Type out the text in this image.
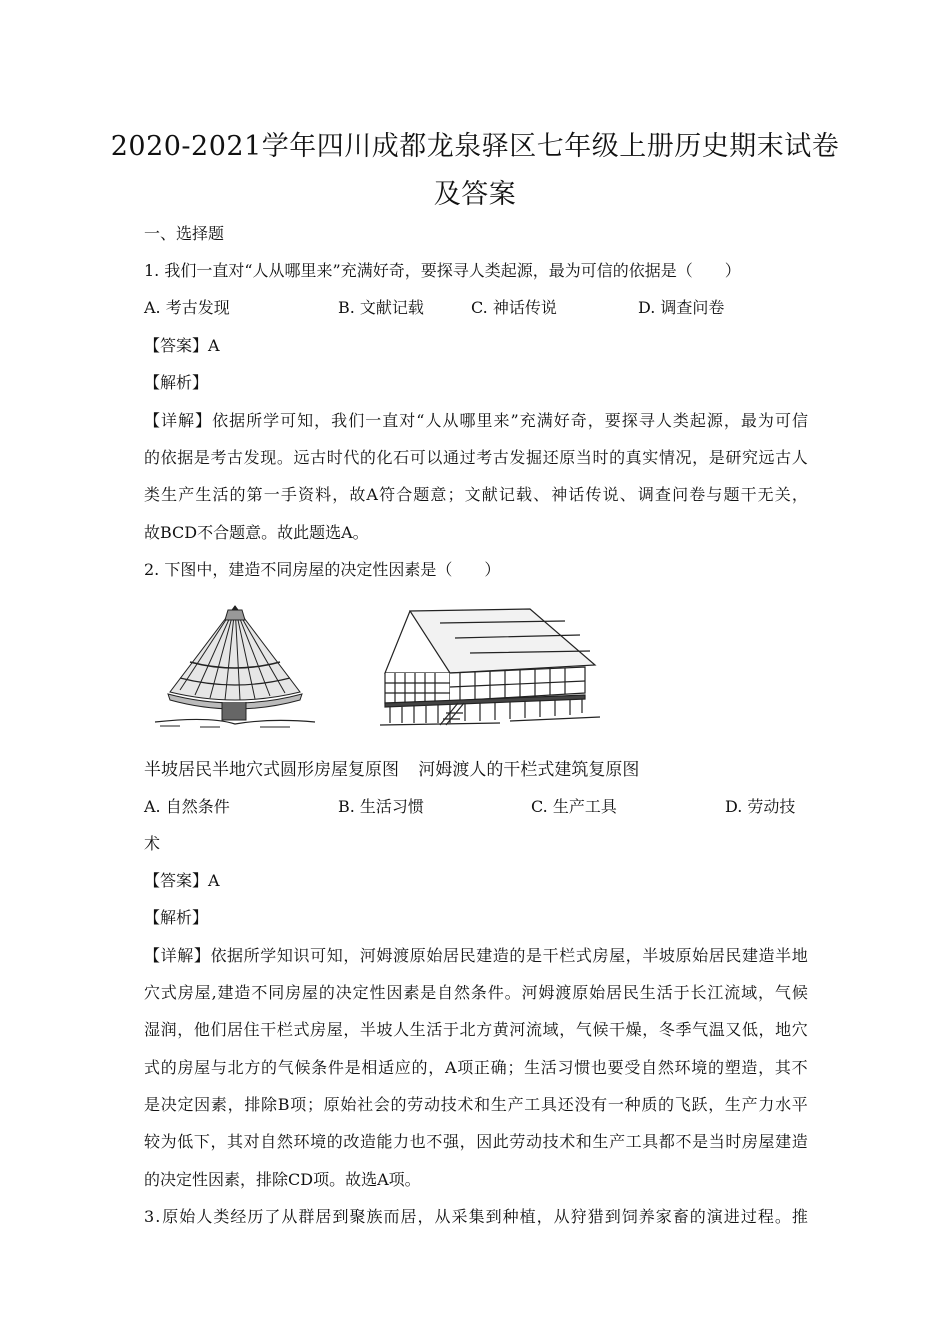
2020-2021学年四川成都龙泉驿区七年级上册历史期末试卷
及答案
一、选择题
1. 我们一直对“人从哪里来”充满好奇，要探寻人类起源，最为可信的依据是（　　）
A. 考古发现	B. 文献记载	C. 神话传说	D. 调查问卷
【答案】A
【解析】
【 详 解 】 依 据 所 学 可 知 ， 我 们 一 直 对 “ 人 从 哪 里 来 ” 充 满 好 奇 ， 要 探 寻 人 类 起 源 ， 最 为 可 信
的 依 据 是 考 古 发 现 。 远 古 时 代 的 化 石 可 以 通 过 考 古 发 掘 还 原 当 时 的 真 实 情 况 ， 是 研 究 远 古 人
类 生 产 生 活 的 第 一 手 资 料 ， 故 A 符 合 题 意 ； 文 献 记 载 、 神 话 传 说 、 调 查 问 卷 与 题 干 无 关 ，
故BCD不合题意。故此题选A。
2. 下图中，建造不同房屋的决定性因素是（　　）
半坡居民半地穴式圆形房屋复原图 河姆渡人的干栏式建筑复原图
A. 自然条件	B. 生活习惯	C. 生产工具	D. 劳动技
术
【答案】A
【解析】
【 详 解 】 依 据 所 学 知 识 可 知 ， 河 姆 渡 原 始 居 民 建 造 的 是 干 栏 式 房 屋 ， 半 坡 原 始 居 民 建 造 半 地
穴 式 房 屋 , 建 造 不 同 房 屋 的 决 定 性 因 素 是 自 然 条 件 。 河 姆 渡 原 始 居 民 生 活 于 长 江 流 域 ， 气 候
湿 润 ， 他 们 居 住 干 栏 式 房 屋 ， 半 坡 人 生 活 于 北 方 黄 河 流 域 ， 气 候 干 燥 ， 冬 季 气 温 又 低 ， 地 穴
式 的 房 屋 与 北 方 的 气 候 条 件 是 相 适 应 的 ， A 项 正 确 ； 生 活 习 惯 也 要 受 自 然 环 境 的 塑 造 ， 其 不
是 决 定 因 素 ， 排 除 B 项 ； 原 始 社 会 的 劳 动 技 术 和 生 产 工 具 还 没 有 一 种 质 的 飞 跃 ， 生 产 力 水 平
较 为 低 下 ， 其 对 自 然 环 境 的 改 造 能 力 也 不 强 ， 因 此 劳 动 技 术 和 生 产 工 具 都 不 是 当 时 房 屋 建 造
的决定性因素，排除CD项。故选A项。
3 . 原 始 人 类 经 历 了 从 群 居 到 聚 族 而 居 ， 从 采 集 到 种 植 ， 从 狩 猎 到 饲 养 家 畜 的 演 进 过 程 。 推
